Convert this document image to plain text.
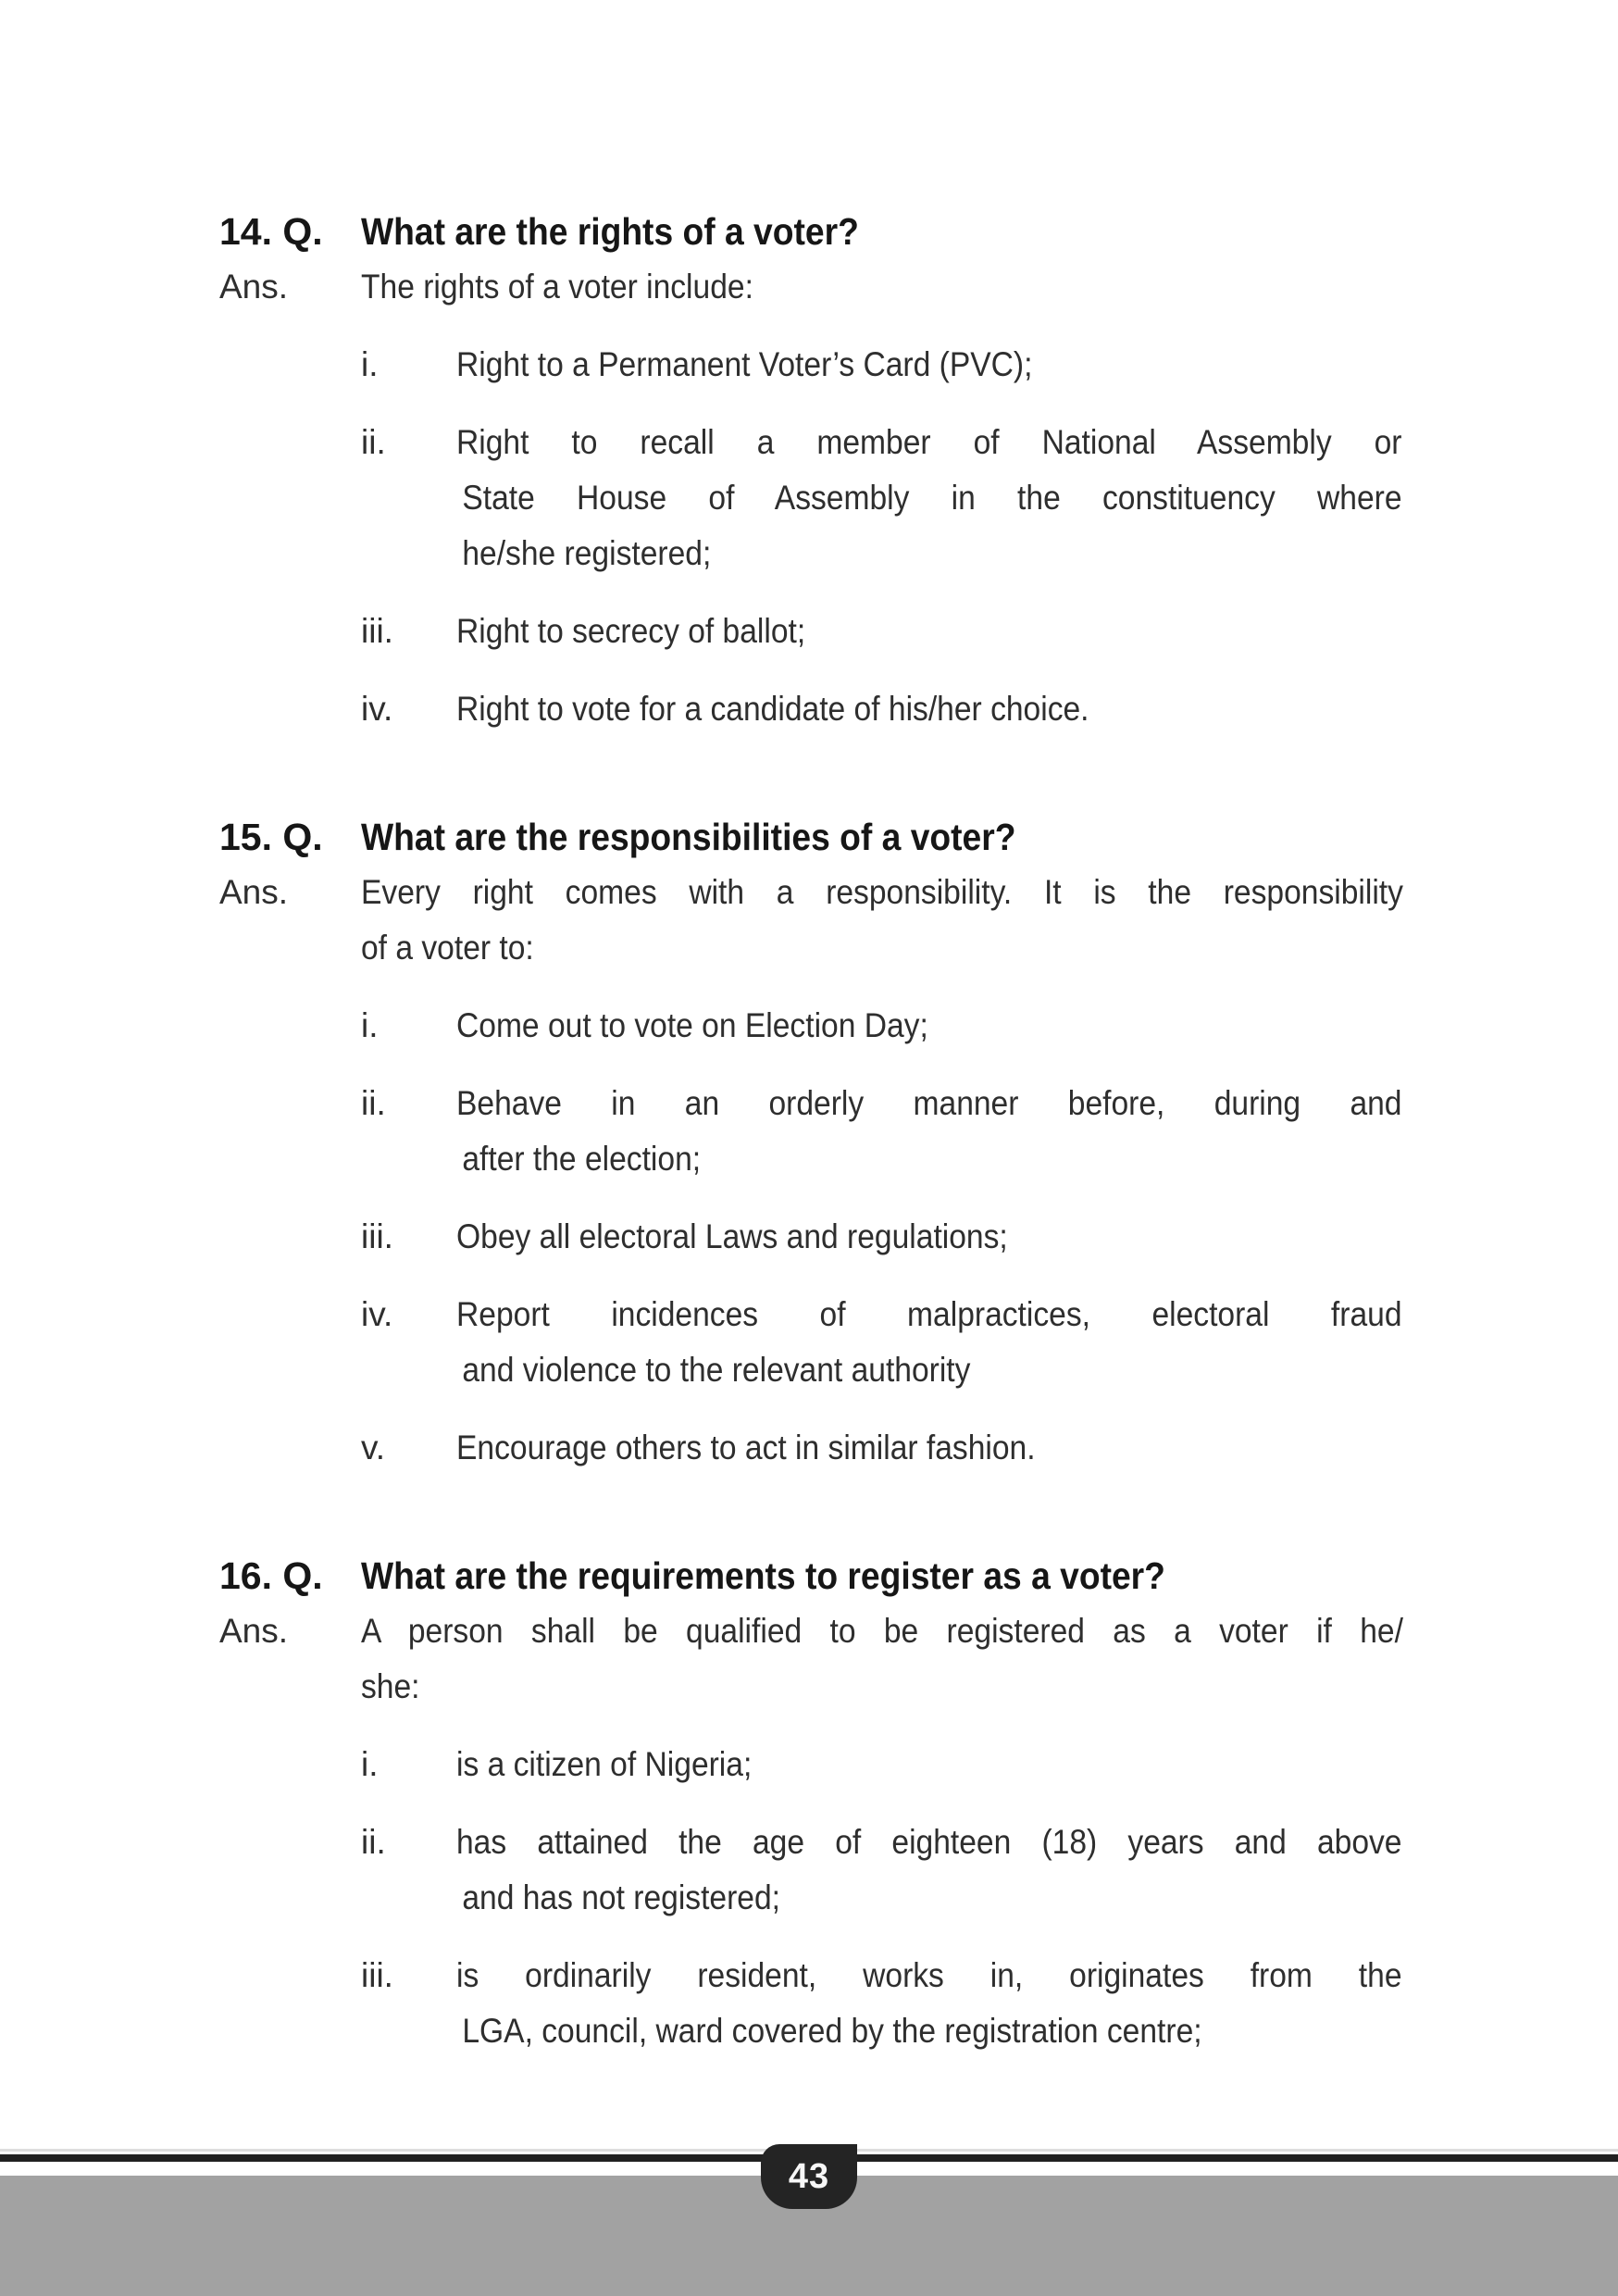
14. Q.	What are the rights of a voter?
Ans.	The rights of a voter include:
i.	Right to a Permanent Voter’s Card (PVC);
ii.	Right to recall a member of National Assembly or
State House of Assembly in the constituency where
he/she registered;
iii.	Right to secrecy of ballot;
iv.	Right to vote for a candidate of his/her choice.
15. Q.	What are the responsibilities of a voter?
Ans.	Every right comes with a responsibility. It is the responsibility
of a voter to:
i.	Come out to vote on Election Day;
ii.	Behave in an orderly manner before, during and
after the election;
iii.	Obey all electoral Laws and regulations;
iv.	Report incidences of malpractices, electoral fraud
and violence to the relevant authority
v.	Encourage others to act in similar fashion.
16. Q.	What are the requirements to register as a voter?
Ans.	A person shall be qualified to be registered as a voter if he/
she:
i.	is a citizen of Nigeria;
ii.	has attained the age of eighteen (18) years and above
and has not registered;
iii.	is ordinarily resident, works in, originates from the
LGA, council, ward covered by the registration centre;
43
